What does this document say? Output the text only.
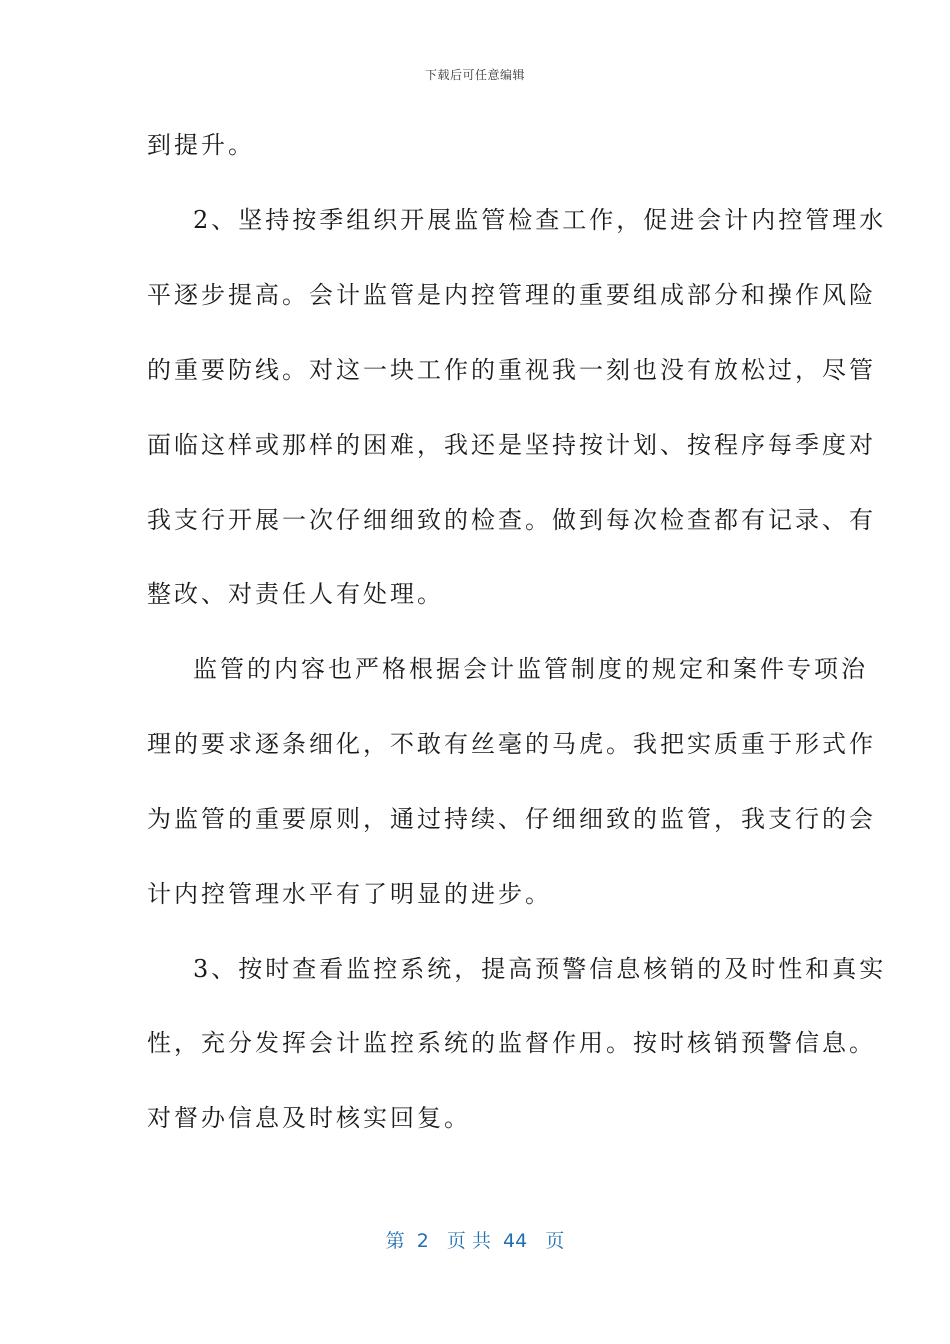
下载后可任意编辑
到提升。
2、坚持按季组织开展监管检查工作，促进会计内控管理水
平逐步提高。会计监管是内控管理的重要组成部分和操作风险
的重要防线。对这一块工作的重视我一刻也没有放松过，尽管
面临这样或那样的困难，我还是坚持按计划、按程序每季度对
我支行开展一次仔细细致的检查。做到每次检查都有记录、有
整改、对责任人有处理。
监管的内容也严格根据会计监管制度的规定和案件专项治
理的要求逐条细化，不敢有丝毫的马虎。我把实质重于形式作
为监管的重要原则，通过持续、仔细细致的监管，我支行的会
计内控管理水平有了明显的进步。
3、按时查看监控系统，提高预警信息核销的及时性和真实
性，充分发挥会计监控系统的监督作用。按时核销预警信息。
对督办信息及时核实回复。
第  2   页 共  44   页
